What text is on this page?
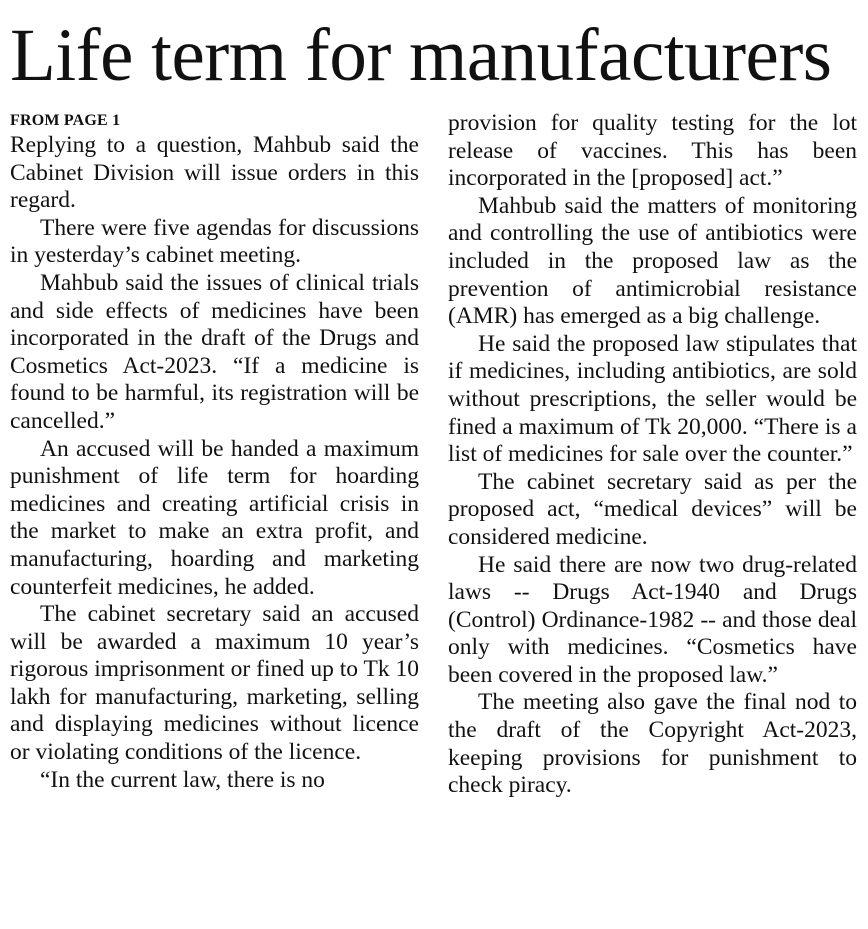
Life term for manufacturers
FROM PAGE 1

Replying to a question, Mahbub said the Cabinet Division will issue orders in this regard.

There were five agendas for discussions in yesterday’s cabinet meeting.

Mahbub said the issues of clinical trials and side effects of medicines have been incorporated in the draft of the Drugs and Cosmetics Act-2023. “If a medicine is found to be harmful, its registration will be cancelled.”

An accused will be handed a maximum punishment of life term for hoarding medicines and creating artificial crisis in the market to make an extra profit, and manufacturing, hoarding and marketing counterfeit medicines, he added.

The cabinet secretary said an accused will be awarded a maximum 10 year’s rigorous imprisonment or fined up to Tk 10 lakh for manufacturing, marketing, selling and displaying medicines without licence or violating conditions of the licence.

“In the current law, there is no

provision for quality testing for the lot release of vaccines. This has been incorporated in the [proposed] act.”

Mahbub said the matters of monitoring and controlling the use of antibiotics were included in the proposed law as the prevention of antimicrobial resistance (AMR) has emerged as a big challenge.

He said the proposed law stipulates that if medicines, including antibiotics, are sold without prescriptions, the seller would be fined a maximum of Tk 20,000. “There is a list of medicines for sale over the counter.”

The cabinet secretary said as per the proposed act, “medical devices” will be considered medicine.

He said there are now two drug-related laws -- Drugs Act-1940 and Drugs (Control) Ordinance-1982 -- and those deal only with medicines. “Cosmetics have been covered in the proposed law.”

The meeting also gave the final nod to the draft of the Copyright Act-2023, keeping provisions for punishment to check piracy.
